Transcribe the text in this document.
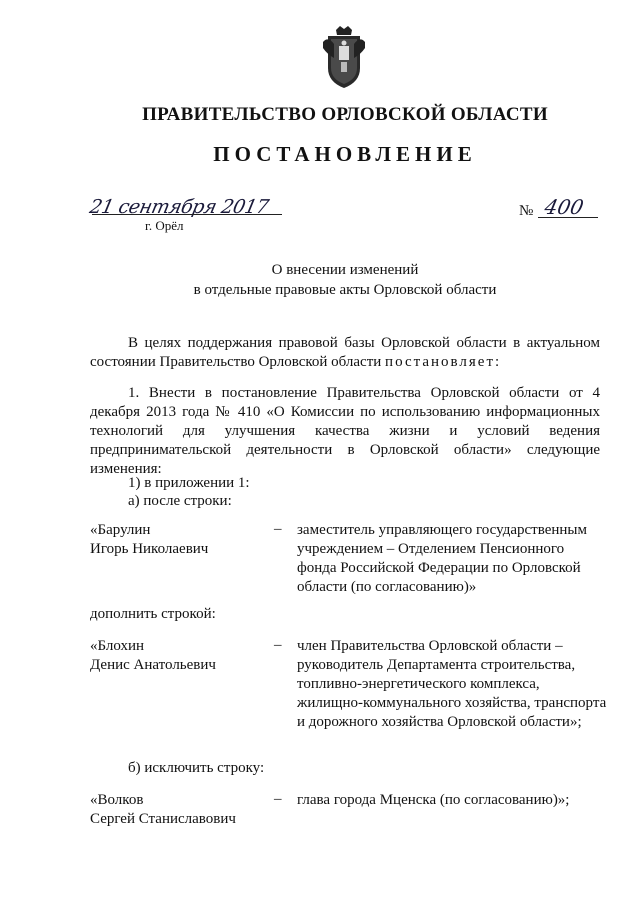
ПРАВИТЕЛЬСТВО ОРЛОВСКОЙ ОБЛАСТИ
ПОСТАНОВЛЕНИЕ
21 сентября 2017
г. Орёл
№ 400
О внесении изменений
в отдельные правовые акты Орловской области
В целях поддержания правовой базы Орловской области в актуальном состоянии Правительство Орловской области постановляет:
1. Внести в постановление Правительства Орловской области от 4 декабря 2013 года № 410 «О Комиссии по использованию информационных технологий для улучшения качества жизни и условий ведения предпринимательской деятельности в Орловской области» следующие изменения:
1) в приложении 1:
а) после строки:
«Барулин
Игорь Николаевич
– заместитель управляющего государственным учреждением – Отделением Пенсионного фонда Российской Федерации по Орловской области (по согласованию)»
дополнить строкой:
«Блохин
Денис Анатольевич
– член Правительства Орловской области – руководитель Департамента строительства, топливно-энергетического комплекса, жилищно-коммунального хозяйства, транспорта и дорожного хозяйства Орловской области»;
б) исключить строку:
«Волков
Сергей Станиславович
– глава города Мценска (по согласованию)»;
